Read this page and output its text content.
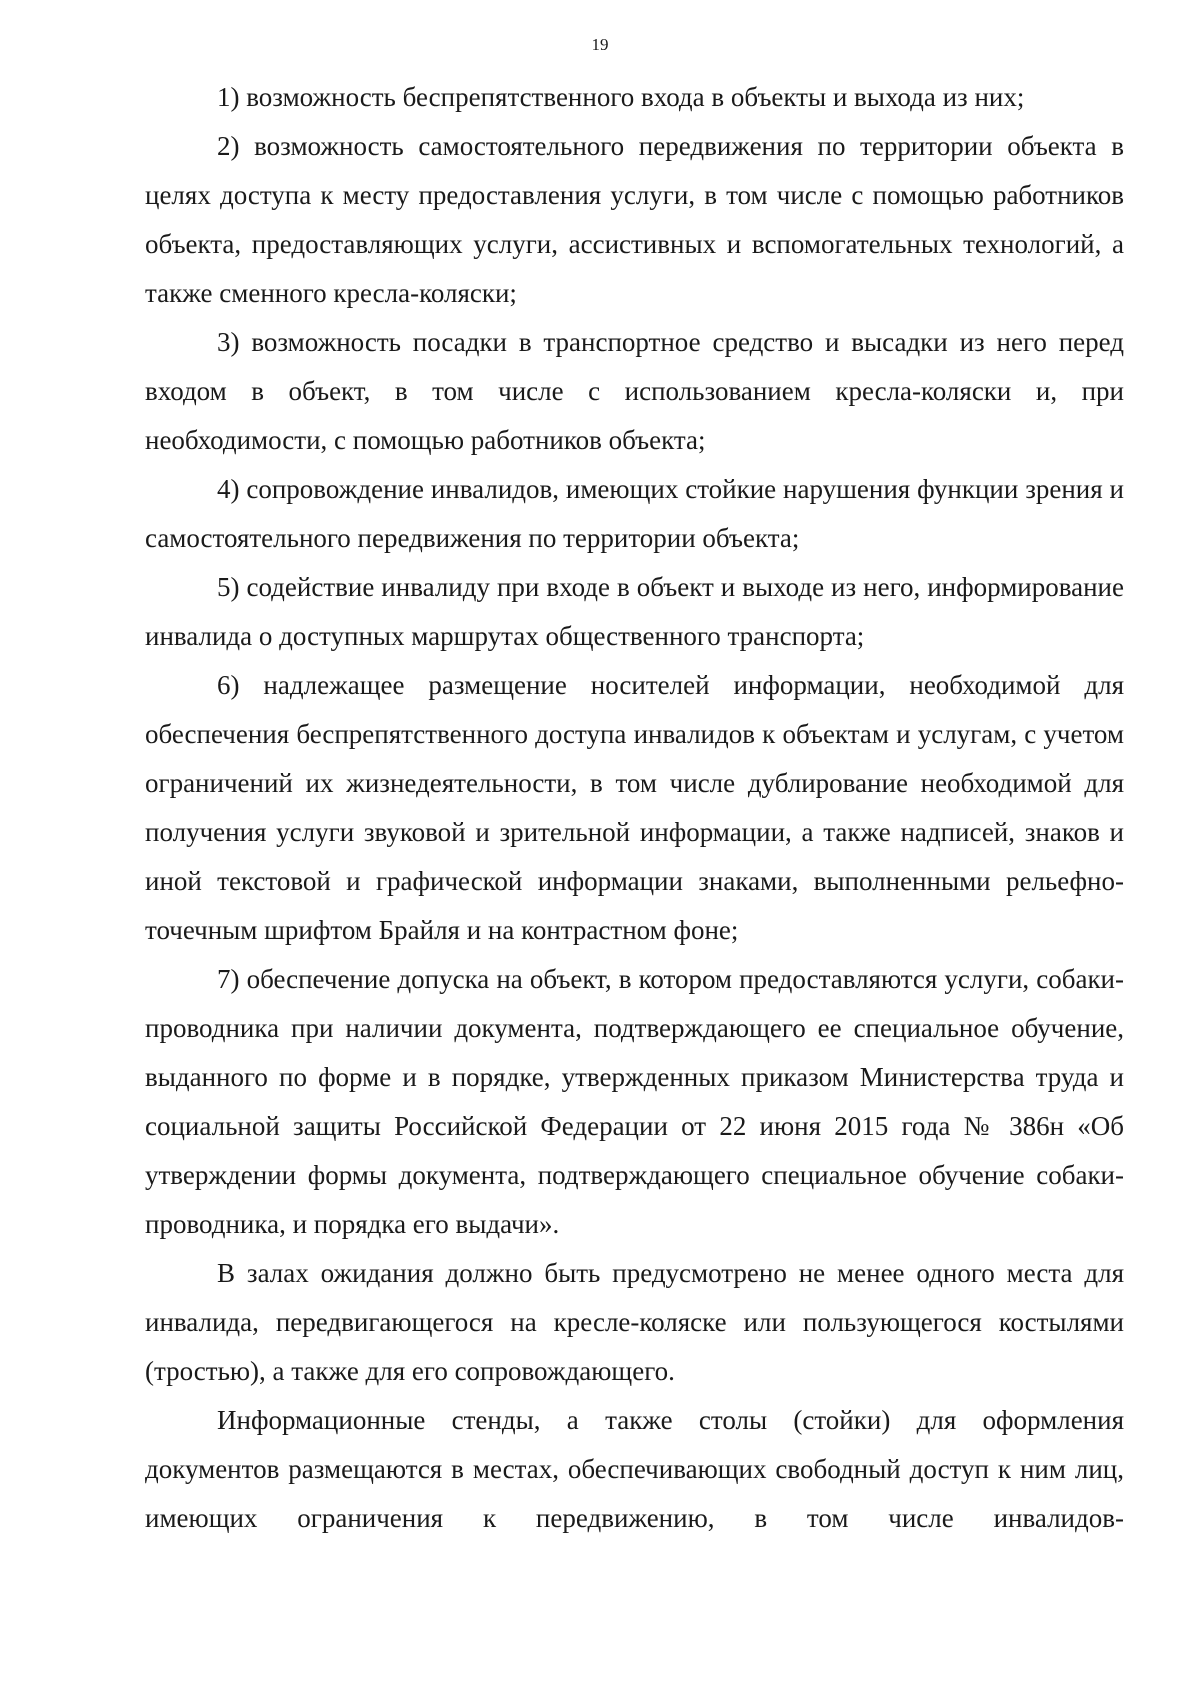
19

1) возможность беспрепятственного входа в объекты и выхода из них;

2) возможность самостоятельного передвижения по территории объекта в целях доступа к месту предоставления услуги, в том числе с помощью работников объекта, предоставляющих услуги, ассистивных и вспомогательных технологий, а также сменного кресла-коляски;

3) возможность посадки в транспортное средство и высадки из него перед входом в объект, в том числе с использованием кресла-коляски и, при необходимости, с помощью работников объекта;

4) сопровождение инвалидов, имеющих стойкие нарушения функции зрения и самостоятельного передвижения по территории объекта;

5) содействие инвалиду при входе в объект и выходе из него, информирование инвалида о доступных маршрутах общественного транспорта;

6) надлежащее размещение носителей информации, необходимой для обеспечения беспрепятственного доступа инвалидов к объектам и услугам, с учетом ограничений их жизнедеятельности, в том числе дублирование необходимой для получения услуги звуковой и зрительной информации, а также надписей, знаков и иной текстовой и графической информации знаками, выполненными рельефно-точечным шрифтом Брайля и на контрастном фоне;

7) обеспечение допуска на объект, в котором предоставляются услуги, собаки-проводника при наличии документа, подтверждающего ее специальное обучение, выданного по форме и в порядке, утвержденных приказом Министерства труда и социальной защиты Российской Федерации от 22 июня 2015 года № 386н «Об утверждении формы документа, подтверждающего специальное обучение собаки-проводника, и порядка его выдачи».

В залах ожидания должно быть предусмотрено не менее одного места для инвалида, передвигающегося на кресле-коляске или пользующегося костылями (тростью), а также для его сопровождающего.

Информационные стенды, а также столы (стойки) для оформления документов размещаются в местах, обеспечивающих свободный доступ к ним лиц, имеющих ограничения к передвижению, в том числе инвалидов-
